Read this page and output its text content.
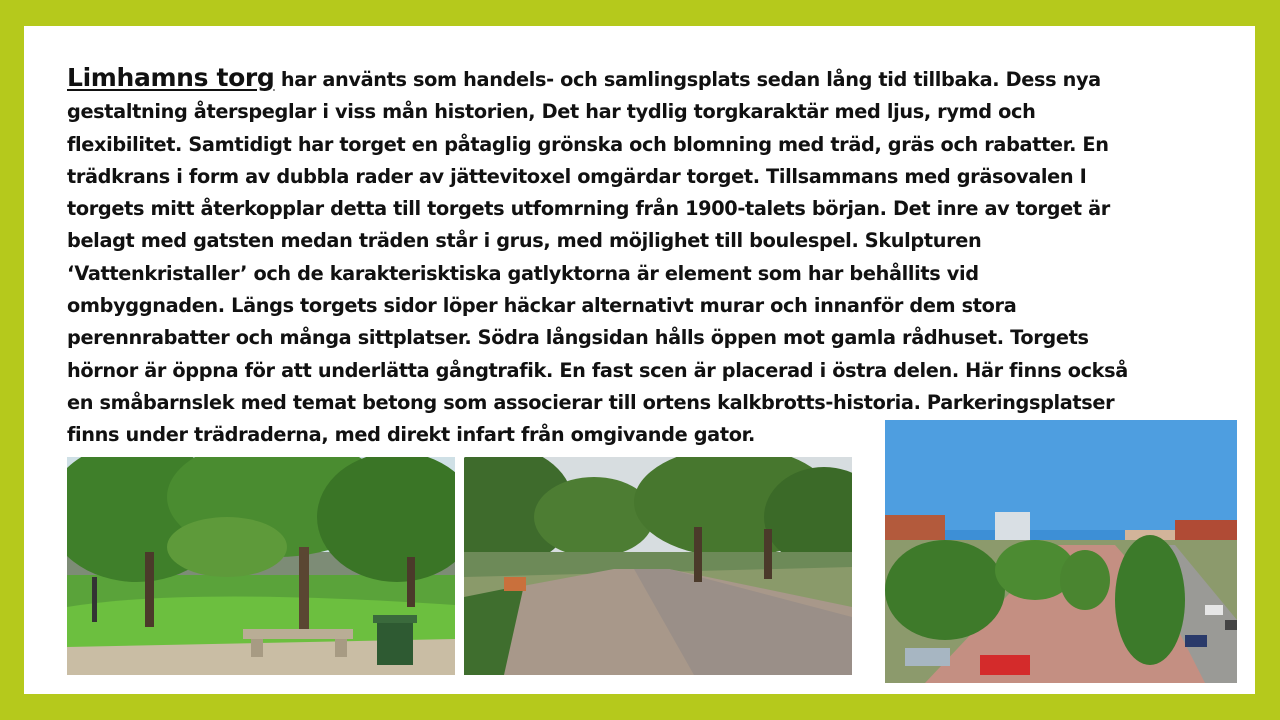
Limhamns torg har använts som handels- och samlingsplats sedan lång tid tillbaka. Dess nya
gestaltning återspeglar i viss mån historien, Det har tydlig torgkaraktär med ljus, rymd och
flexibilitet. Samtidigt har torget en påtaglig grönska och blomning med träd, gräs och rabatter. En
trädkrans i form av dubbla rader av jättevitoxel omgärdar torget. Tillsammans med gräsovalen I
torgets mitt återkopplar detta till torgets utfomrning från 1900-talets början. Det inre av torget är
belagt med gatsten medan träden står i grus, med möjlighet till boulespel. Skulpturen
‘Vattenkristaller’ och de karakterisktiska gatlyktorna är element som har behållits vid
ombyggnaden. Längs torgets sidor löper häckar alternativt murar och innanför dem stora
perennrabatter och många sittplatser. Södra långsidan hålls öppen mot gamla rådhuset. Torgets
hörnor är öppna för att underlätta gångtrafik. En fast scen är placerad i östra delen. Här finns också
en småbarnslek med temat betong som associerar till ortens kalkbrotts-historia. Parkeringsplatser
finns under trädraderna, med direkt infart från omgivande gator.
